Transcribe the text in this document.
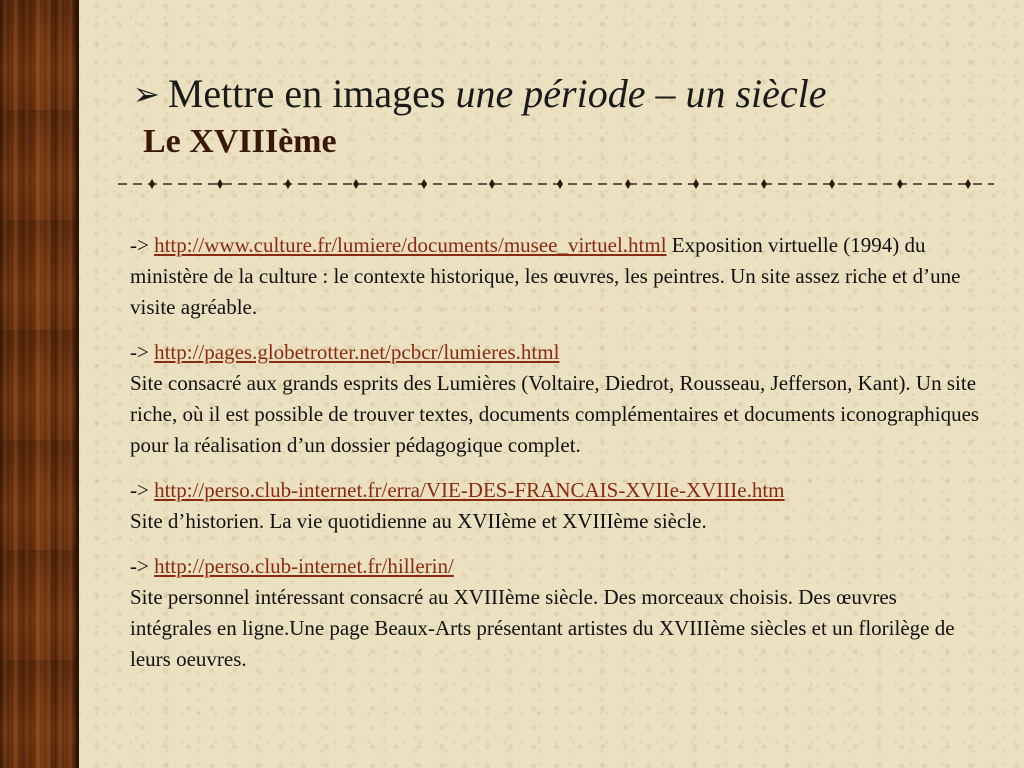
➢ Mettre en images une période – un siècle
Le XVIIIème
-> http://www.culture.fr/lumiere/documents/musee_virtuel.html Exposition virtuelle (1994) du ministère de la culture : le contexte historique, les œuvres, les peintres. Un site assez riche et d’une visite agréable.
-> http://pages.globetrotter.net/pcbcr/lumieres.html
Site consacré aux grands esprits des Lumières (Voltaire, Diedrot, Rousseau, Jefferson, Kant). Un site riche, où il est possible de trouver textes, documents complémentaires et documents iconographiques pour la réalisation d’un dossier pédagogique complet.
-> http://perso.club-internet.fr/erra/VIE-DES-FRANCAIS-XVIIe-XVIIIe.htm
Site d’historien. La vie quotidienne au XVIIème et XVIIIème siècle.
-> http://perso.club-internet.fr/hillerin/
Site personnel intéressant consacré au XVIIIème siècle. Des morceaux choisis. Des œuvres intégrales en ligne.Une page Beaux-Arts présentant artistes du XVIIIème siècles et un florilège de leurs oeuvres.
